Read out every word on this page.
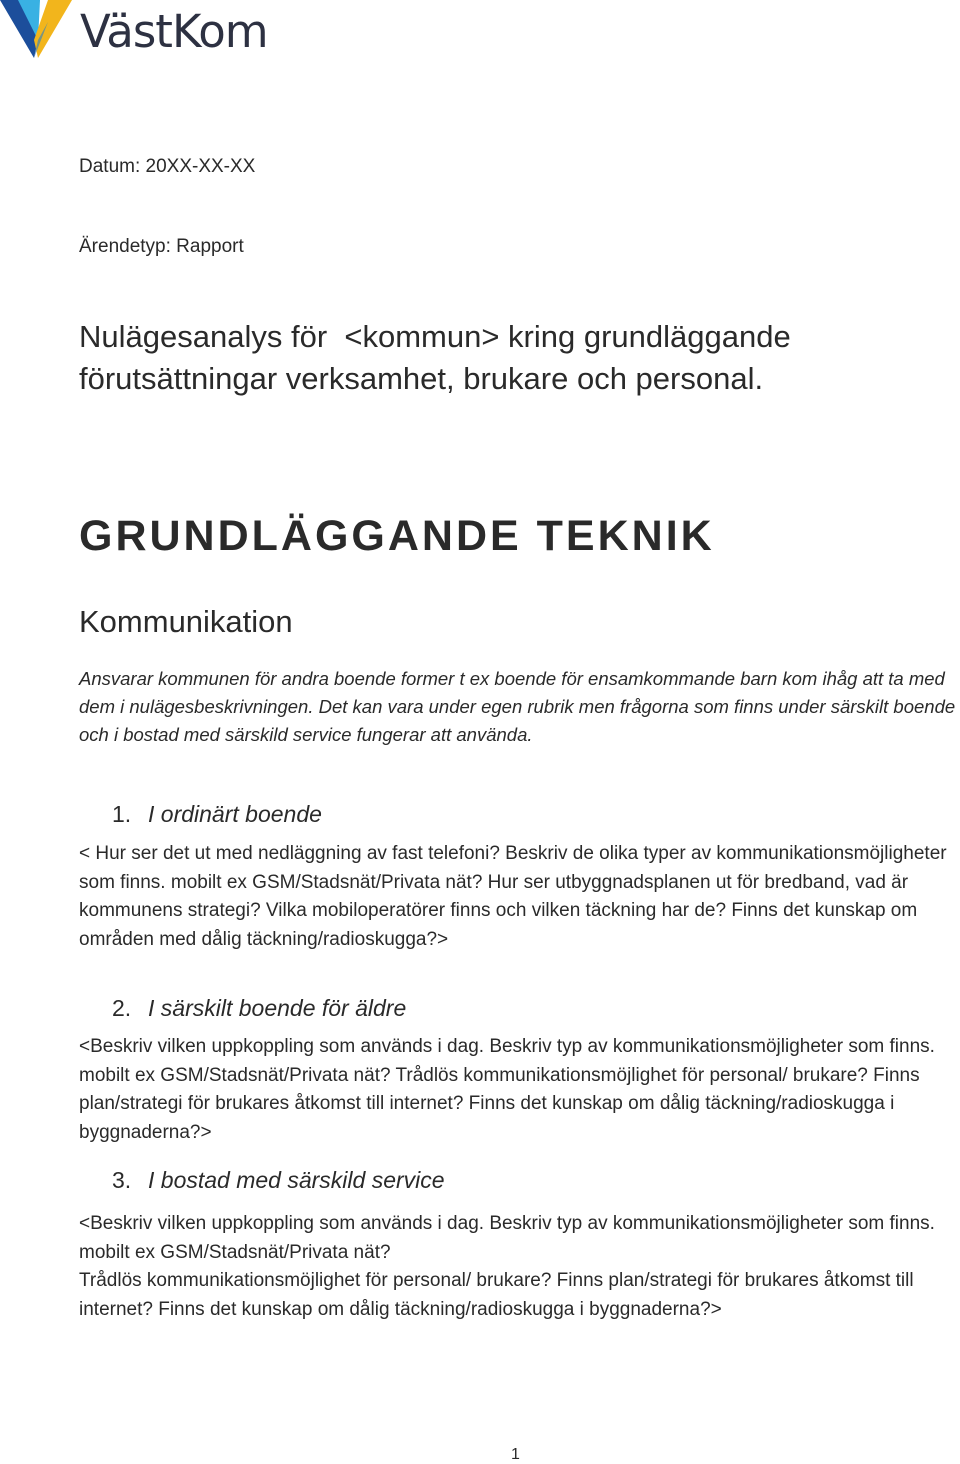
VästKom
Datum: 20XX-XX-XX
Ärendetyp: Rapport
Nulägesanalys för  <kommun> kring grundläggande
förutsättningar verksamhet, brukare och personal.
GRUNDLÄGGANDE TEKNIK
Kommunikation

Ansvarar kommunen för andra boende former t ex boende för ensamkommande barn kom ihåg att ta med dem i nulägesbeskrivningen. Det kan vara under egen rubrik men frågorna som finns under särskilt boende och i bostad med särskild service fungerar att använda.

1. I ordinärt boende

< Hur ser det ut med nedläggning av fast telefoni? Beskriv de olika typer av kommunikationsmöjligheter som finns. mobilt ex GSM/Stadsnät/Privata nät? Hur ser utbyggnadsplanen ut för bredband, vad är kommunens strategi? Vilka mobiloperatörer finns och vilken täckning har de? Finns det kunskap om områden med dålig täckning/radioskugga?>

2. I särskilt boende för äldre

<Beskriv vilken uppkoppling som används i dag. Beskriv typ av kommunikationsmöjligheter som finns. mobilt ex GSM/Stadsnät/Privata nät? Trådlös kommunikationsmöjlighet för personal/ brukare? Finns plan/strategi för brukares åtkomst till internet? Finns det kunskap om dålig täckning/radioskugga i byggnaderna?>

3. I bostad med särskild service

<Beskriv vilken uppkoppling som används i dag. Beskriv typ av kommunikationsmöjligheter som finns. mobilt ex GSM/Stadsnät/Privata nät?
Trådlös kommunikationsmöjlighet för personal/ brukare? Finns plan/strategi för brukares åtkomst till internet? Finns det kunskap om dålig täckning/radioskugga i byggnaderna?>

1
